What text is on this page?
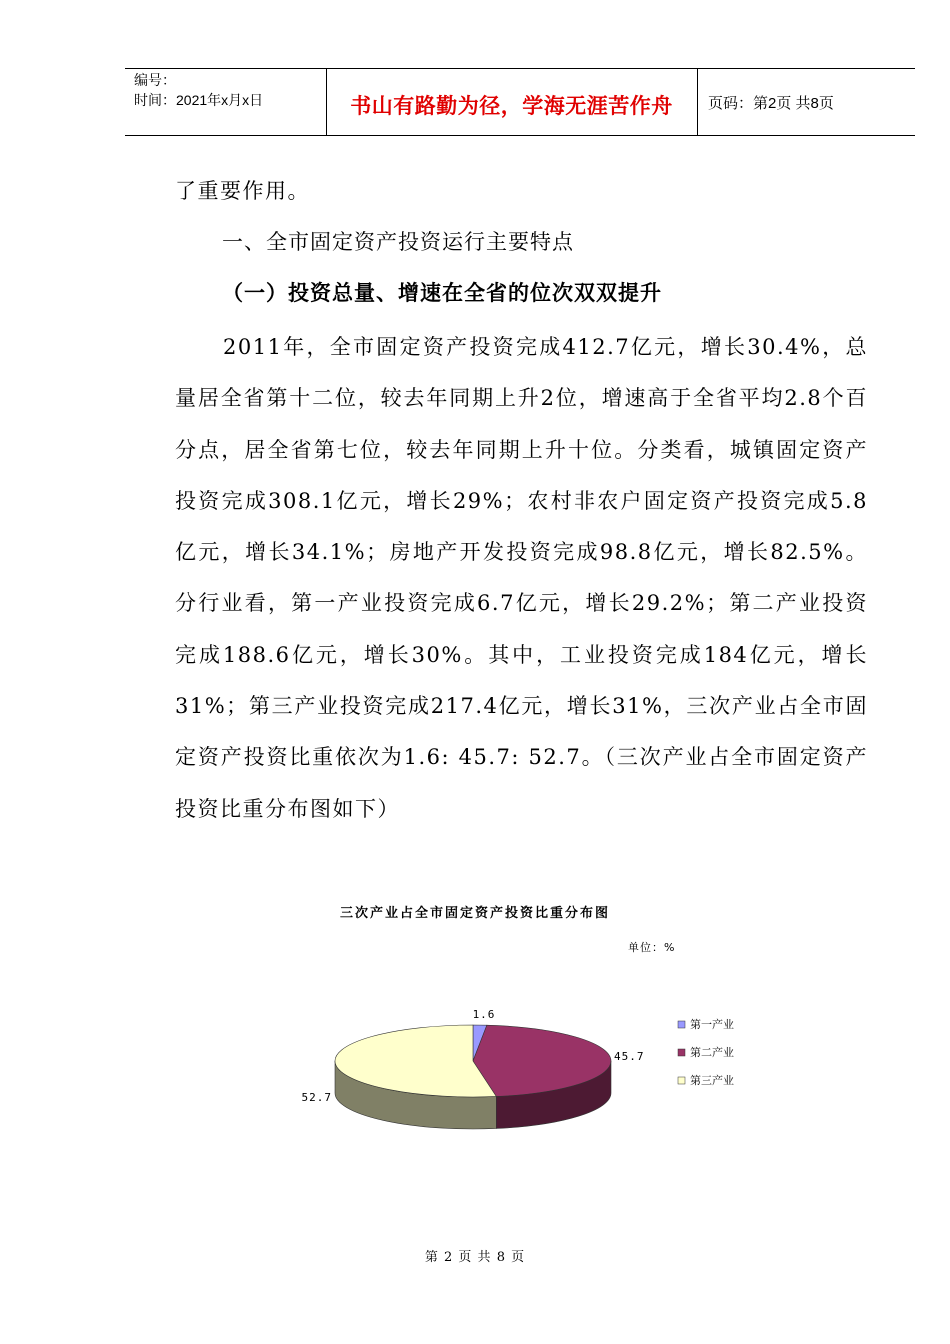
编号：
时间：2021年x月x日	书山有路勤为径，学海无涯苦作舟	页码：第2页 共8页
了重要作用。
一、全市固定资产投资运行主要特点
（一）投资总量、增速在全省的位次双双提升
2011年，全市固定资产投资完成412.7亿元，增长30.4%，总量居全省第十二位，较去年同期上升2位，增速高于全省平均2.8个百分点，居全省第七位，较去年同期上升十位。分类看，城镇固定资产投资完成308.1亿元，增长29%；农村非农户固定资产投资完成5.8亿元，增长34.1%；房地产开发投资完成98.8亿元，增长82.5%。分行业看，第一产业投资完成6.7亿元，增长29.2%；第二产业投资完成188.6亿元，增长30%。其中，工业投资完成184亿元，增长31%；第三产业投资完成217.4亿元，增长31%，三次产业占全市固定资产投资比重依次为1.6: 45.7: 52.7。（三次产业占全市固定资产投资比重分布图如下）
三次产业占全市固定资产投资比重分布图
单位：%
1.6
45.7
52.7
第一产业
第二产业
第三产业
第 2 页 共 8 页
